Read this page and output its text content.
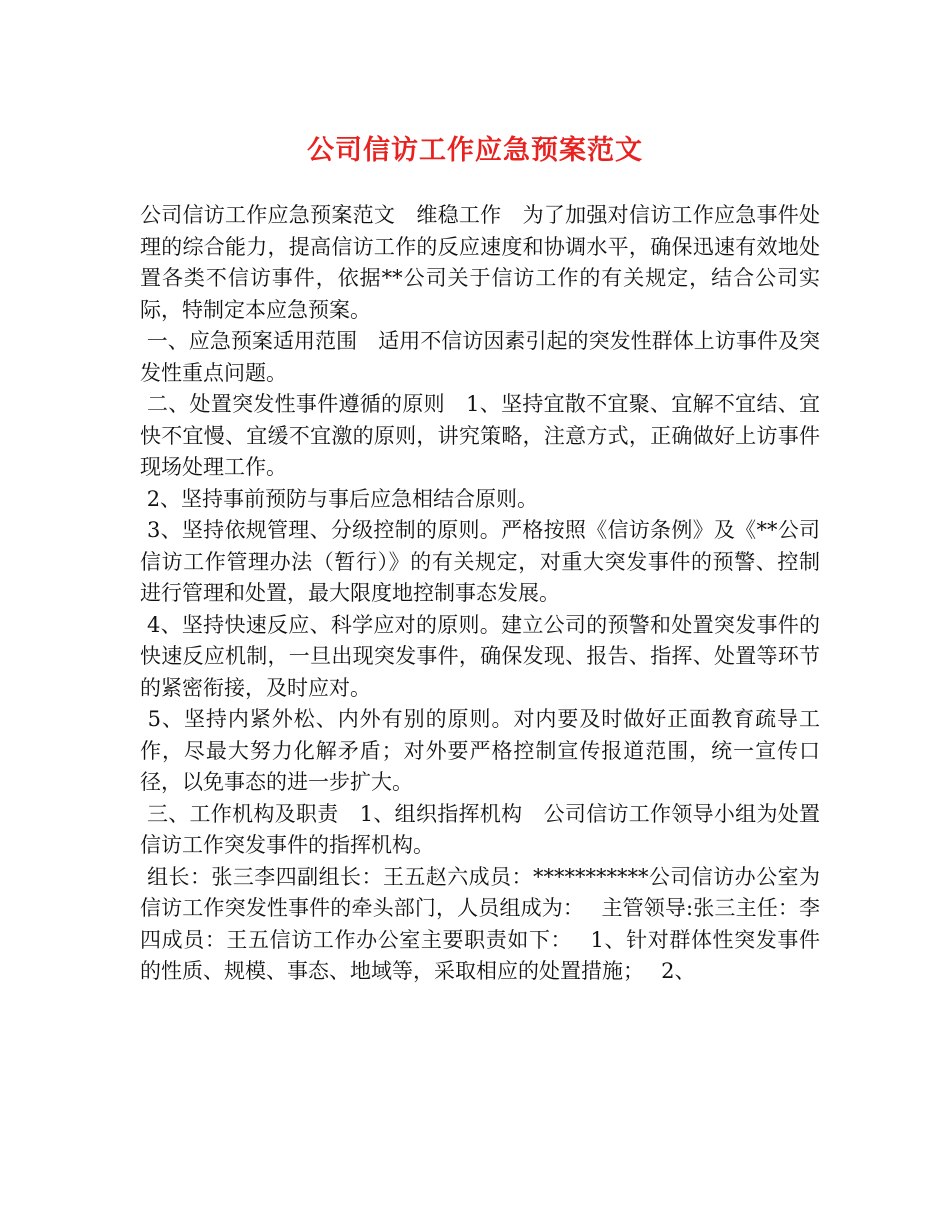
公司信访工作应急预案范文

公司信访工作应急预案范文　维稳工作　为了加强对信访工作应急事件处理的综合能力，提高信访工作的反应速度和协调水平，确保迅速有效地处置各类不信访事件，依据**公司关于信访工作的有关规定，结合公司实际，特制定本应急预案。

一、应急预案适用范围　适用不信访因素引起的突发性群体上访事件及突发性重点问题。

二、处置突发性事件遵循的原则　1、坚持宜散不宜聚、宜解不宜结、宜快不宜慢、宜缓不宜激的原则，讲究策略，注意方式，正确做好上访事件现场处理工作。

2、坚持事前预防与事后应急相结合原则。

3、坚持依规管理、分级控制的原则。严格按照《信访条例》及《**公司信访工作管理办法（暂行）》的有关规定，对重大突发事件的预警、控制进行管理和处置，最大限度地控制事态发展。

4、坚持快速反应、科学应对的原则。建立公司的预警和处置突发事件的快速反应机制，一旦出现突发事件，确保发现、报告、指挥、处置等环节的紧密衔接，及时应对。

5、坚持内紧外松、内外有别的原则。对内要及时做好正面教育疏导工作，尽最大努力化解矛盾；对外要严格控制宣传报道范围，统一宣传口径，以免事态的进一步扩大。

三、工作机构及职责　1、组织指挥机构　公司信访工作领导小组为处置信访工作突发事件的指挥机构。

组长：张三李四副组长：王五赵六成员：***********公司信访办公室为信访工作突发性事件的牵头部门，人员组成为：　 主管领导:张三主任：李四成员：王五信访工作办公室主要职责如下：　 1、针对群体性突发事件的性质、规模、事态、地域等，采取相应的处置措施；　 2、
